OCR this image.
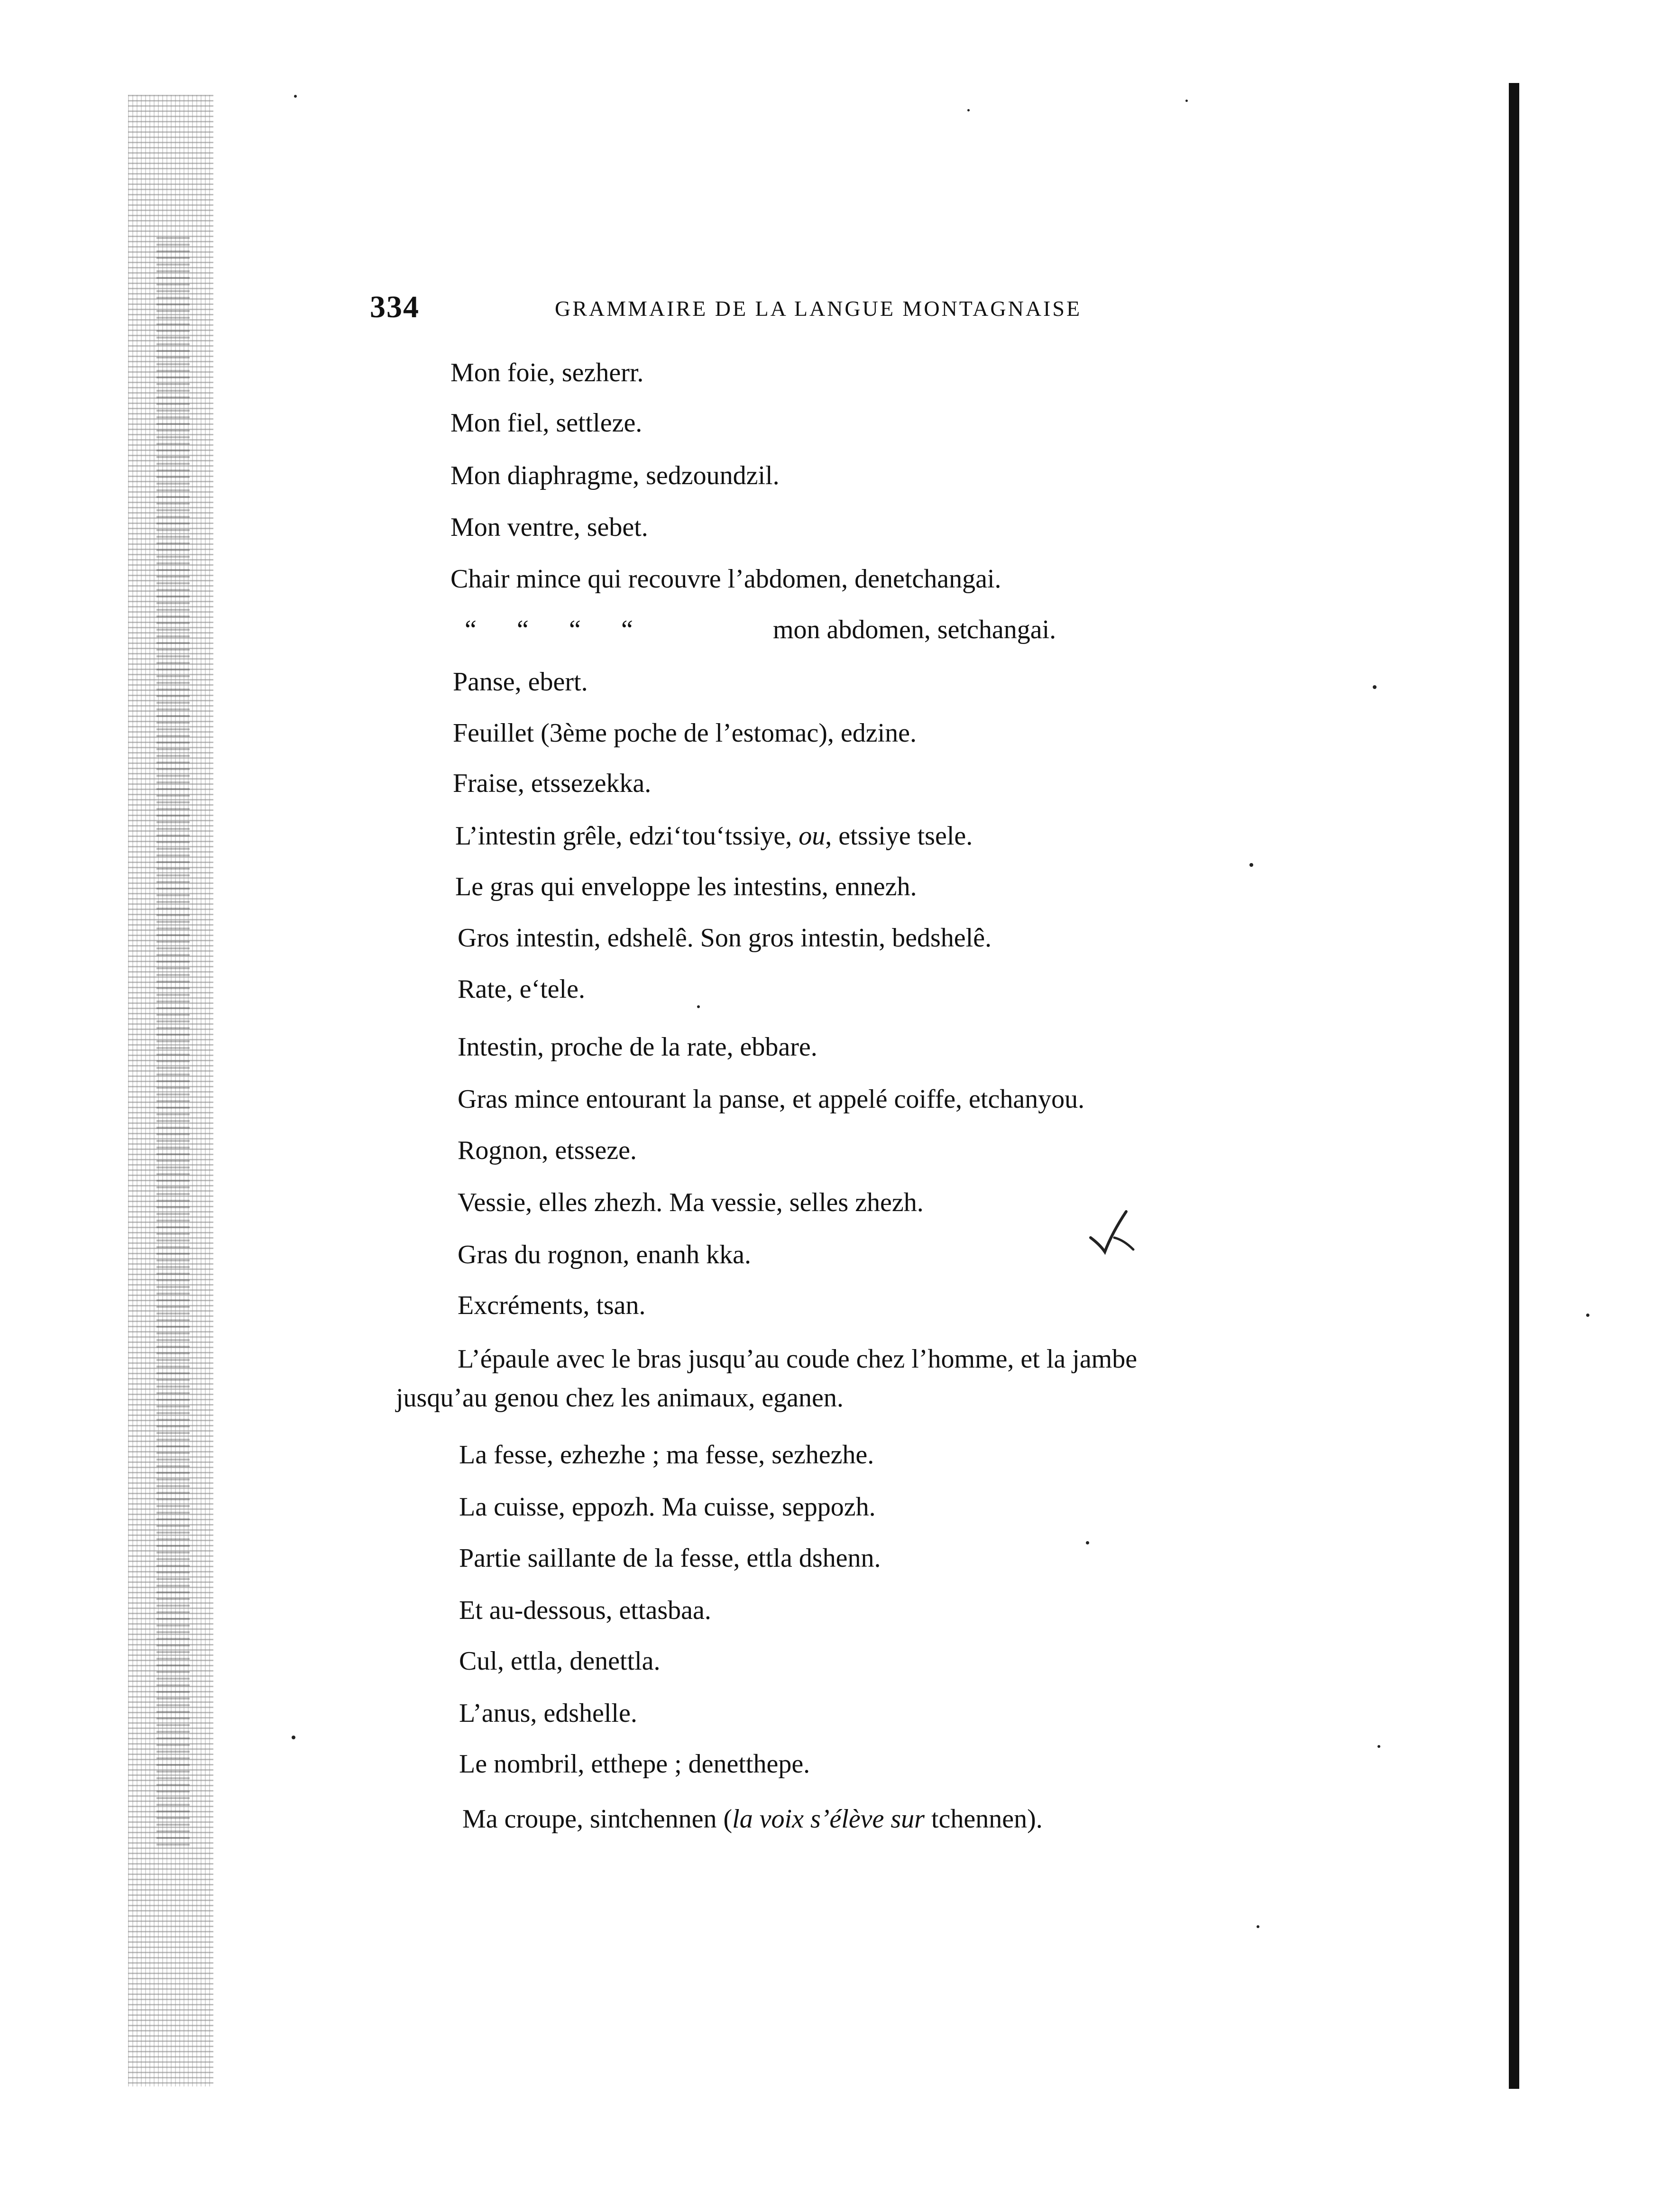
334	GRAMMAIRE DE LA LANGUE MONTAGNAISE
Mon foie, sezherr.
Mon fiel, settleze.
Mon diaphragme, sedzoundzil.
Mon ventre, sebet.
Chair mince qui recouvre l’abdomen, denetchangai.
“ “ “ “	mon abdomen, setchangai.
Panse, ebert.
Feuillet (3ème poche de l’estomac), edzine.
Fraise, etssezekka.
L’intestin grêle, edzi‘tou‘tssiye, ou, etssiye tsele.
Le gras qui enveloppe les intestins, ennezh.
Gros intestin, edshelê. Son gros intestin, bedshelê.
Rate, e‘tele.
Intestin, proche de la rate, ebbare.
Gras mince entourant la panse, et appelé coiffe, etchanyou.
Rognon, etsseze.
Vessie, elles zhezh. Ma vessie, selles zhezh.
Gras du rognon, enanh kka.
Excréments, tsan.
L’épaule avec le bras jusqu’au coude chez l’homme, et la jambe
jusqu’au genou chez les animaux, eganen.
La fesse, ezhezhe ; ma fesse, sezhezhe.
La cuisse, eppozh. Ma cuisse, seppozh.
Partie saillante de la fesse, ettla dshenn.
Et au-dessous, ettasbaa.
Cul, ettla, denettla.
L’anus, edshelle.
Le nombril, etthepe ; denetthepe.
Ma croupe, sintchennen (la voix s’élève sur tchennen).
